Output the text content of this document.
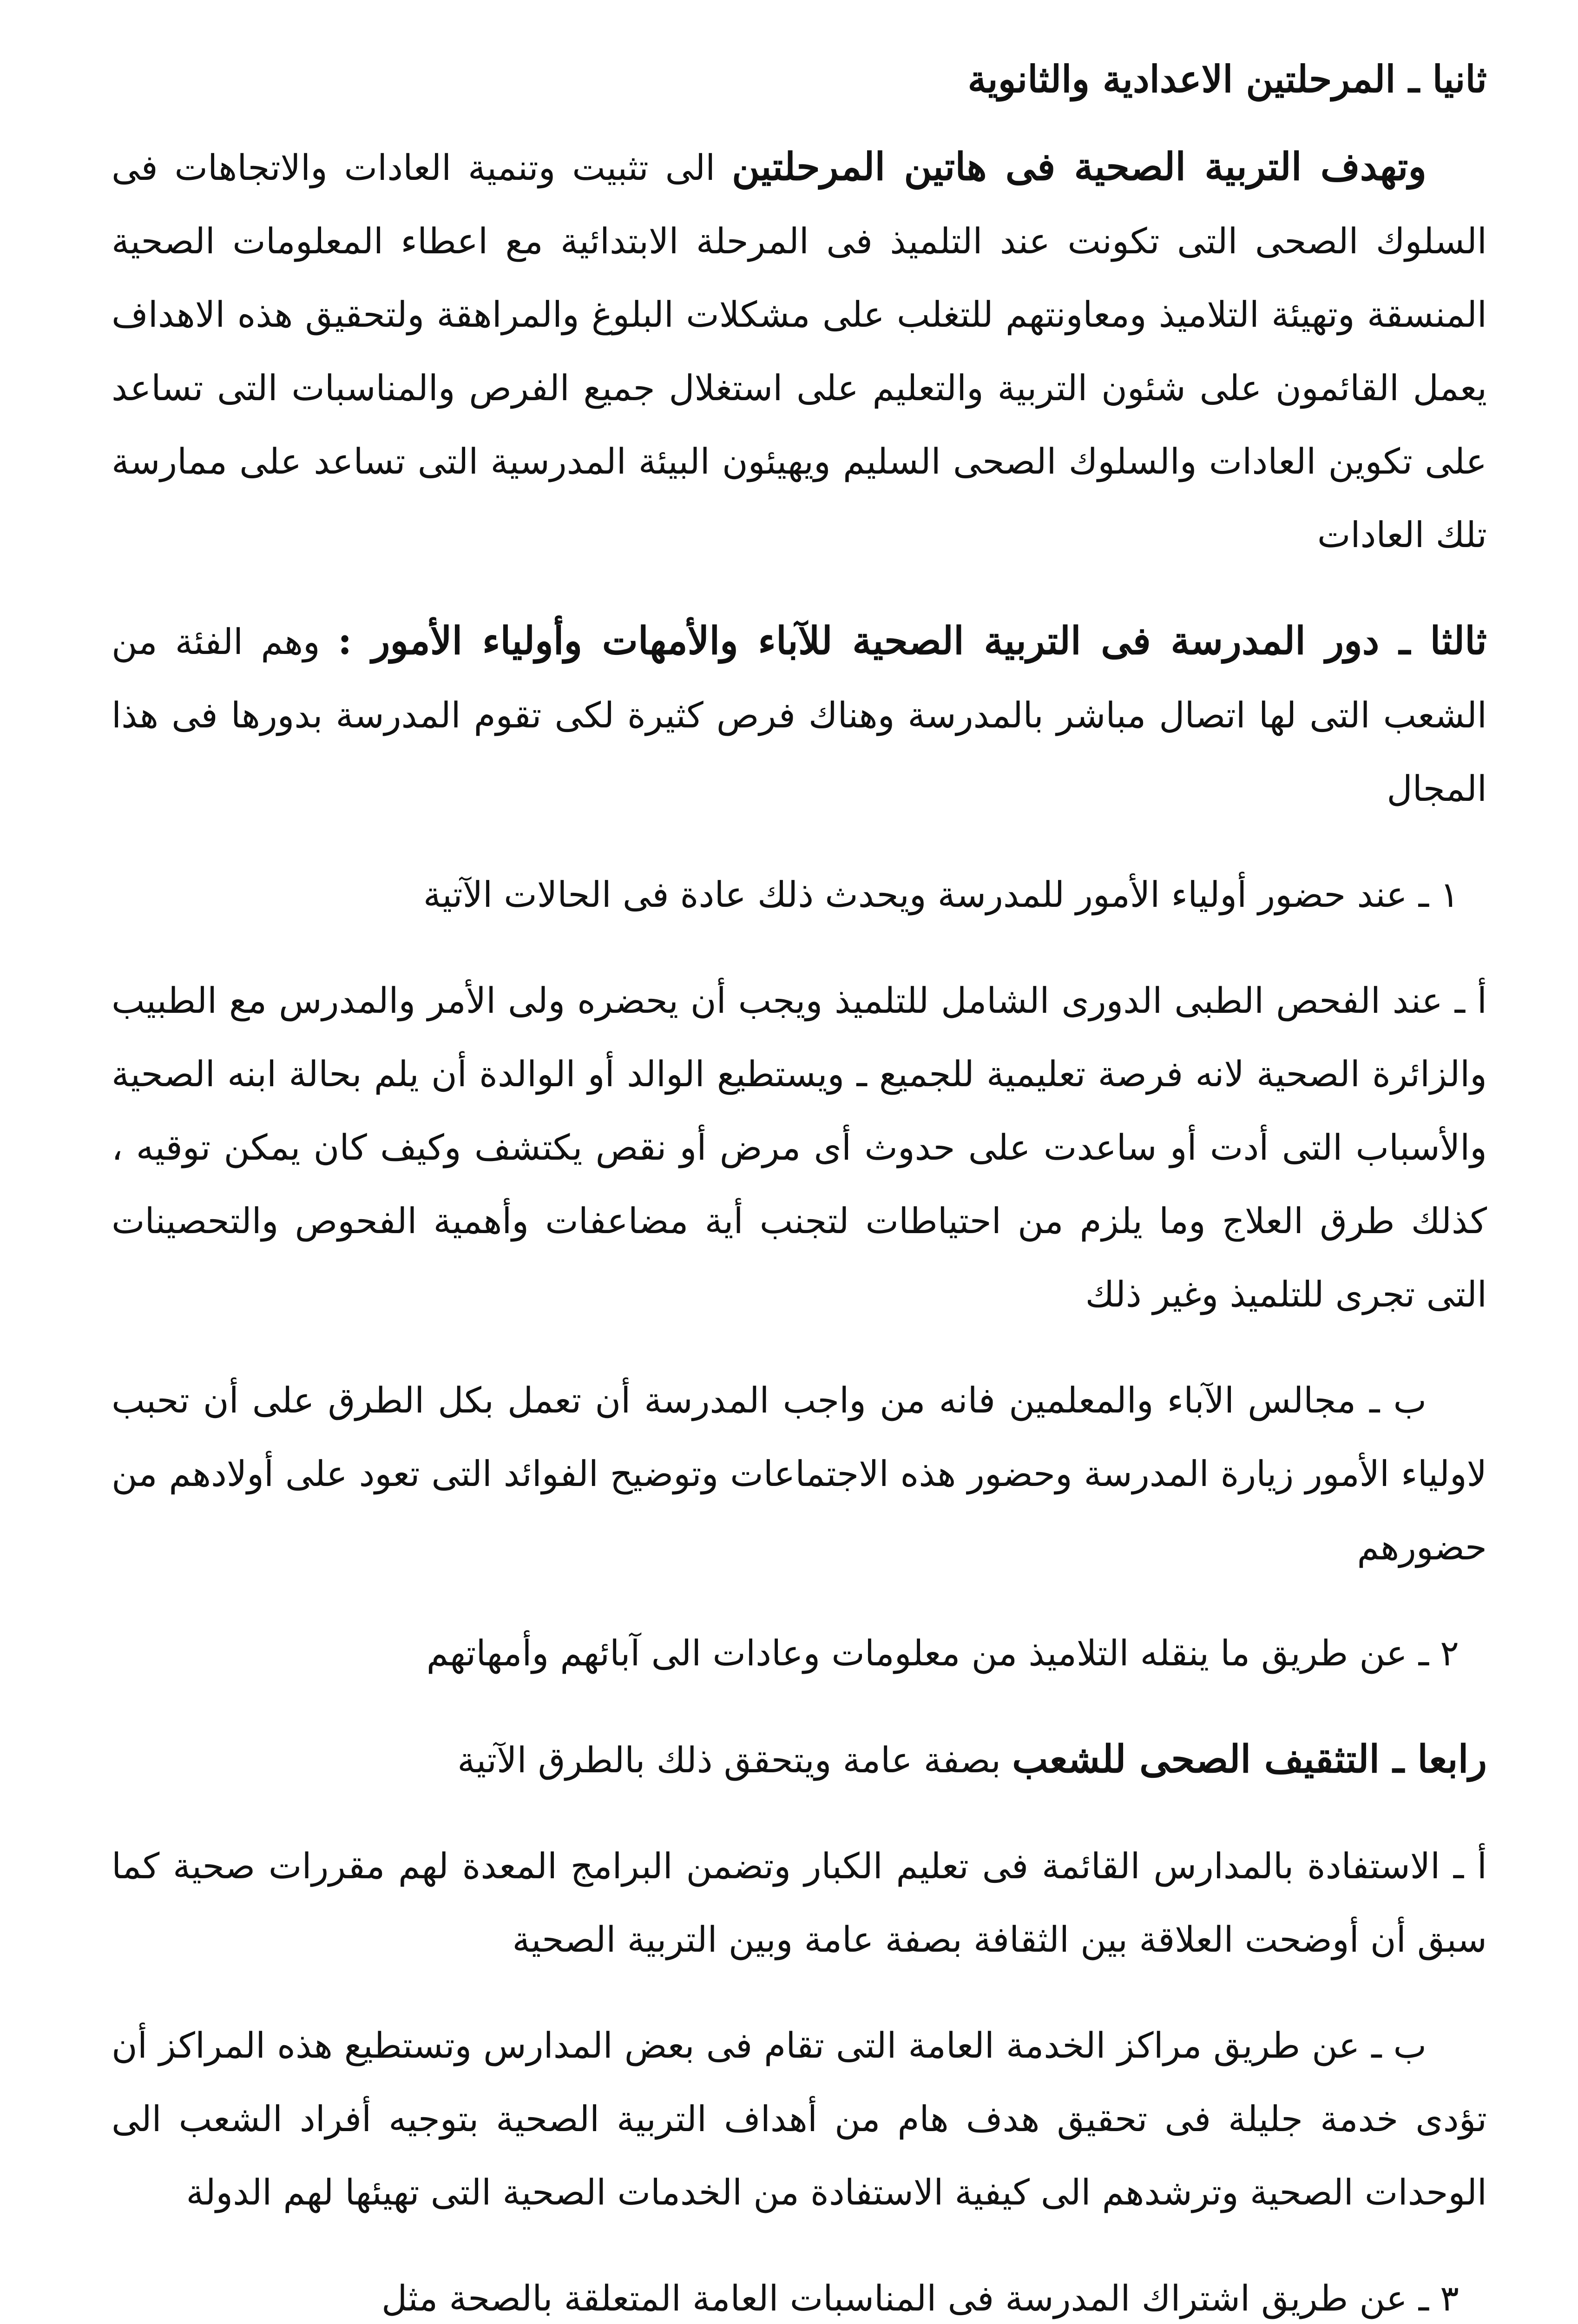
ثانيا ـ المرحلتين الاعدادية والثانوية

وتهدف التربية الصحية فى هاتين المرحلتين الى تثبيت وتنمية العادات والاتجاهات فى السلوك الصحى التى تكونت عند التلميذ فى المرحلة الابتدائية مع اعطاء المعلومات الصحية المنسقة وتهيئة التلاميذ ومعاونتهم للتغلب على مشكلات البلوغ والمراهقة ولتحقيق هذه الاهداف يعمل القائمون على شئون التربية والتعليم على استغلال جميع الفرص والمناسبات التى تساعد على تكوين العادات والسلوك الصحى السليم ويهيئون البيئة المدرسية التى تساعد على ممارسة تلك العادات

ثالثا ـ دور المدرسة فى التربية الصحية للآباء والأمهات وأولياء الأمور : وهم الفئة من الشعب التى لها اتصال مباشر بالمدرسة وهناك فرص كثيرة لكى تقوم المدرسة بدورها فى هذا المجال

١ ـ عند حضور أولياء الأمور للمدرسة ويحدث ذلك عادة فى الحالات الآتية

أ ـ عند الفحص الطبى الدورى الشامل للتلميذ ويجب أن يحضره ولى الأمر والمدرس مع الطبيب والزائرة الصحية لانه فرصة تعليمية للجميع ـ ويستطيع الوالد أو الوالدة أن يلم بحالة ابنه الصحية والأسباب التى أدت أو ساعدت على حدوث أى مرض أو نقص يكتشف وكيف كان يمكن توقيه ، كذلك طرق العلاج وما يلزم من احتياطات لتجنب أية مضاعفات وأهمية الفحوص والتحصينات التى تجرى للتلميذ وغير ذلك

ب ـ مجالس الآباء والمعلمين فانه من واجب المدرسة أن تعمل بكل الطرق على أن تحبب لاولياء الأمور زيارة المدرسة وحضور هذه الاجتماعات وتوضيح الفوائد التى تعود على أولادهم من حضورهم

٢ ـ عن طريق ما ينقله التلاميذ من معلومات وعادات الى آبائهم وأمهاتهم

رابعا ـ التثقيف الصحى للشعب بصفة عامة ويتحقق ذلك بالطرق الآتية

أ ـ الاستفادة بالمدارس القائمة فى تعليم الكبار وتضمن البرامج المعدة لهم مقررات صحية كما سبق أن أوضحت العلاقة بين الثقافة بصفة عامة وبين التربية الصحية

ب ـ عن طريق مراكز الخدمة العامة التى تقام فى بعض المدارس وتستطيع هذه المراكز أن تؤدى خدمة جليلة فى تحقيق هدف هام من أهداف التربية الصحية بتوجيه أفراد الشعب الى الوحدات الصحية وترشدهم الى كيفية الاستفادة من الخدمات الصحية التى تهيئها لهم الدولة

٣ ـ عن طريق اشتراك المدرسة فى المناسبات العامة المتعلقة بالصحة مثل
